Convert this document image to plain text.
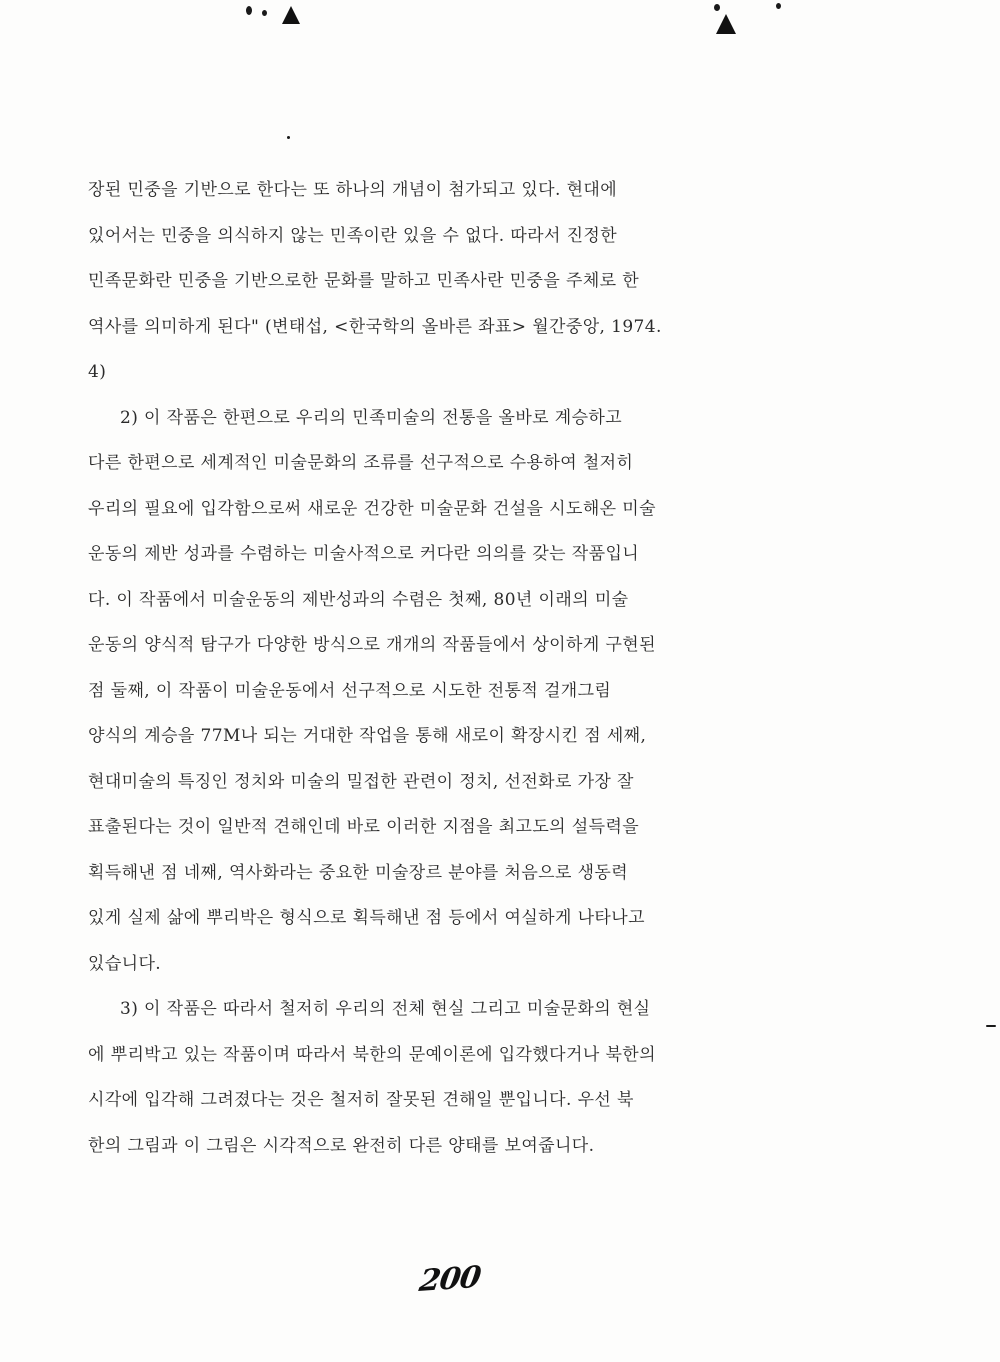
장된 민중을 기반으로 한다는 또 하나의 개념이 첨가되고 있다. 현대에
있어서는 민중을 의식하지 않는 민족이란 있을 수 없다. 따라서 진정한
민족문화란 민중을 기반으로한 문화를 말하고 민족사란 민중을 주체로 한
역사를 의미하게 된다" (변태섭, <한국학의 올바른 좌표> 월간중앙, 1974.
4)
2) 이 작품은 한편으로 우리의 민족미술의 전통을 올바로 계승하고
다른 한편으로 세계적인 미술문화의 조류를 선구적으로 수용하여 철저히
우리의 필요에 입각함으로써 새로운 건강한 미술문화 건설을 시도해온 미술
운동의 제반 성과를 수렴하는 미술사적으로 커다란 의의를 갖는 작품입니
다. 이 작품에서 미술운동의 제반성과의 수렴은 첫째, 80년 이래의 미술
운동의 양식적 탐구가 다양한 방식으로 개개의 작품들에서 상이하게 구현된
점 둘째, 이 작품이 미술운동에서 선구적으로 시도한 전통적 걸개그림
양식의 계승을 77M나 되는 거대한 작업을 통해 새로이 확장시킨 점 세째,
현대미술의 특징인 정치와 미술의 밀접한 관련이 정치, 선전화로 가장 잘
표출된다는 것이 일반적 견해인데 바로 이러한 지점을 최고도의 설득력을
획득해낸 점 네째, 역사화라는 중요한 미술장르 분야를 처음으로 생동력
있게 실제 삶에 뿌리박은 형식으로 획득해낸 점 등에서 여실하게 나타나고
있습니다.
3) 이 작품은 따라서 철저히 우리의 전체 현실 그리고 미술문화의 현실
에 뿌리박고 있는 작품이며 따라서 북한의 문예이론에 입각했다거나 북한의
시각에 입각해 그려졌다는 것은 철저히 잘못된 견해일 뿐입니다. 우선 북
한의 그림과 이 그림은 시각적으로 완전히 다른 양태를 보여줍니다.
200
